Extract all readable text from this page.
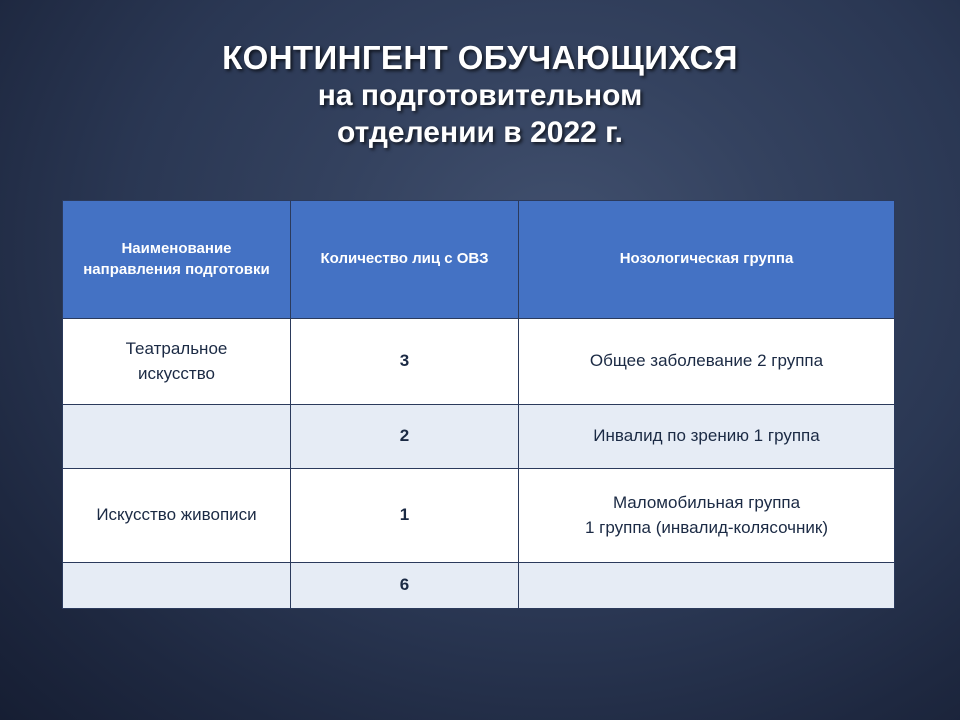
КОНТИНГЕНТ ОБУЧАЮЩИХСЯ
на подготовительном
отделении в 2022 г.
Наименование направления подготовки	Количество лиц с ОВЗ	Нозологическая группа

Театральное
искусство	3	Общее заболевание 2 группа

	2	Инвалид по зрению 1 группа

Искусство живописи	1	Маломобильная группа
1 группа (инвалид-колясочник)

	6	
